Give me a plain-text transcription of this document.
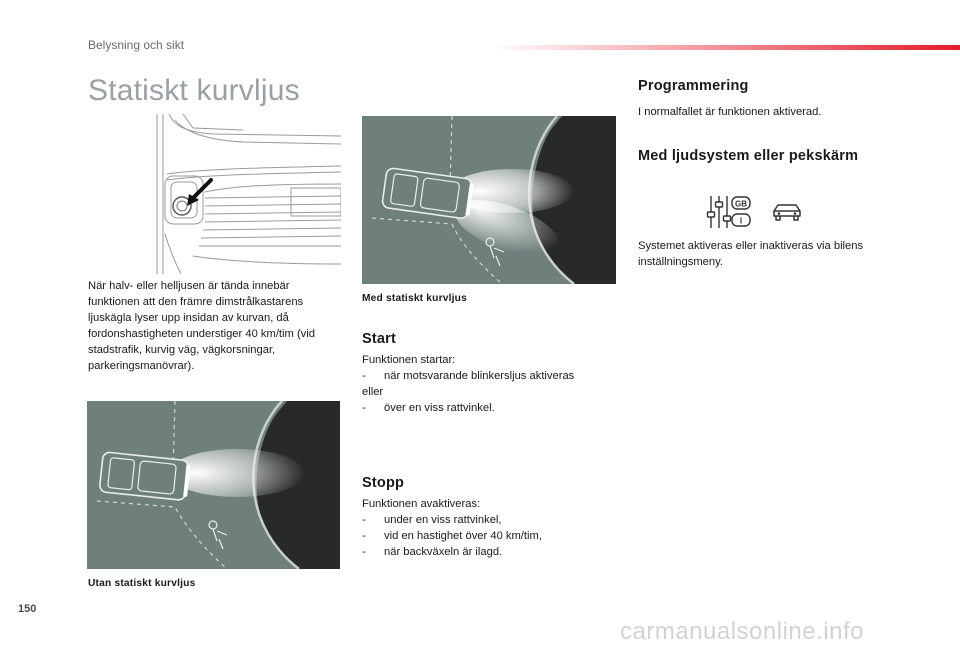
Belysning och sikt
Statiskt kurvljus

När halv- eller helljusen är tända innebär funktionen att den främre dimstrålkastarens ljuskägla lyser upp insidan av kurvan, då fordonshastigheten understiger 40 km/tim (vid stadstrafik, kurvig väg, vägkorsningar, parkeringsmanövrar).

Med statiskt kurvljus
Start
Funktionen startar:
- när motsvarande blinkersljus aktiveras
eller
- över en viss rattvinkel.
Utan statiskt kurvljus
Stopp
Funktionen avaktiveras:
- under en viss rattvinkel,
- vid en hastighet över 40 km/tim,
- när backväxeln är ilagd.
Programmering
I normalfallet är funktionen aktiverad.
Med ljudsystem eller pekskärm
GB
I
Systemet aktiveras eller inaktiveras via bilens inställningsmeny.
150
carmanualsonline.info
